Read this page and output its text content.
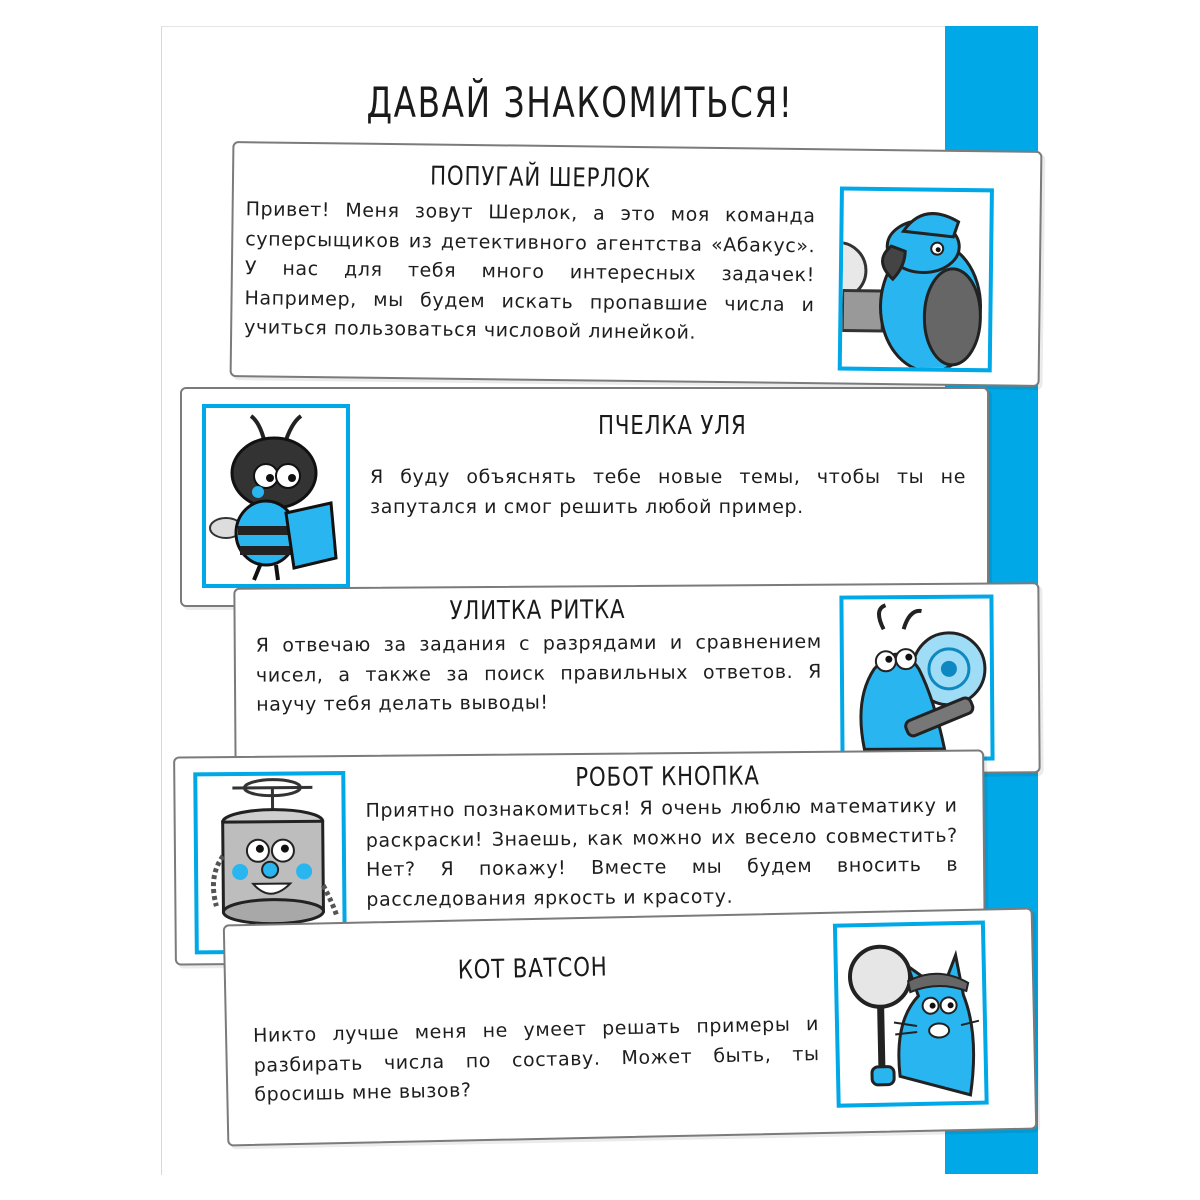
ДАВАЙ ЗНАКОМИТЬСЯ!
ПОПУГАЙ ШЕРЛОК
Привет! Меня зовут Шерлок, а это моя команда суперсыщиков из детективного агентства «Абакус». У нас для тебя много интересных задачек! Например, мы будем искать пропавшие числа и учиться пользоваться числовой линейкой.
ПЧЕЛКА УЛЯ
Я буду объяснять тебе новые темы, чтобы ты не запутался и смог решить любой пример.
УЛИТКА РИТКА
Я отвечаю за задания с разрядами и сравнением чисел, а также за поиск правильных ответов. Я научу тебя делать выводы!
РОБОТ КНОПКА
Приятно познакомиться! Я очень люблю математику и раскраски! Знаешь, как можно их весело совместить? Нет? Я покажу! Вместе мы будем вносить в расследования яркость и красоту.
КОТ ВАТСОН
Никто лучше меня не умеет решать примеры и разбирать числа по составу. Может быть, ты бросишь мне вызов?
